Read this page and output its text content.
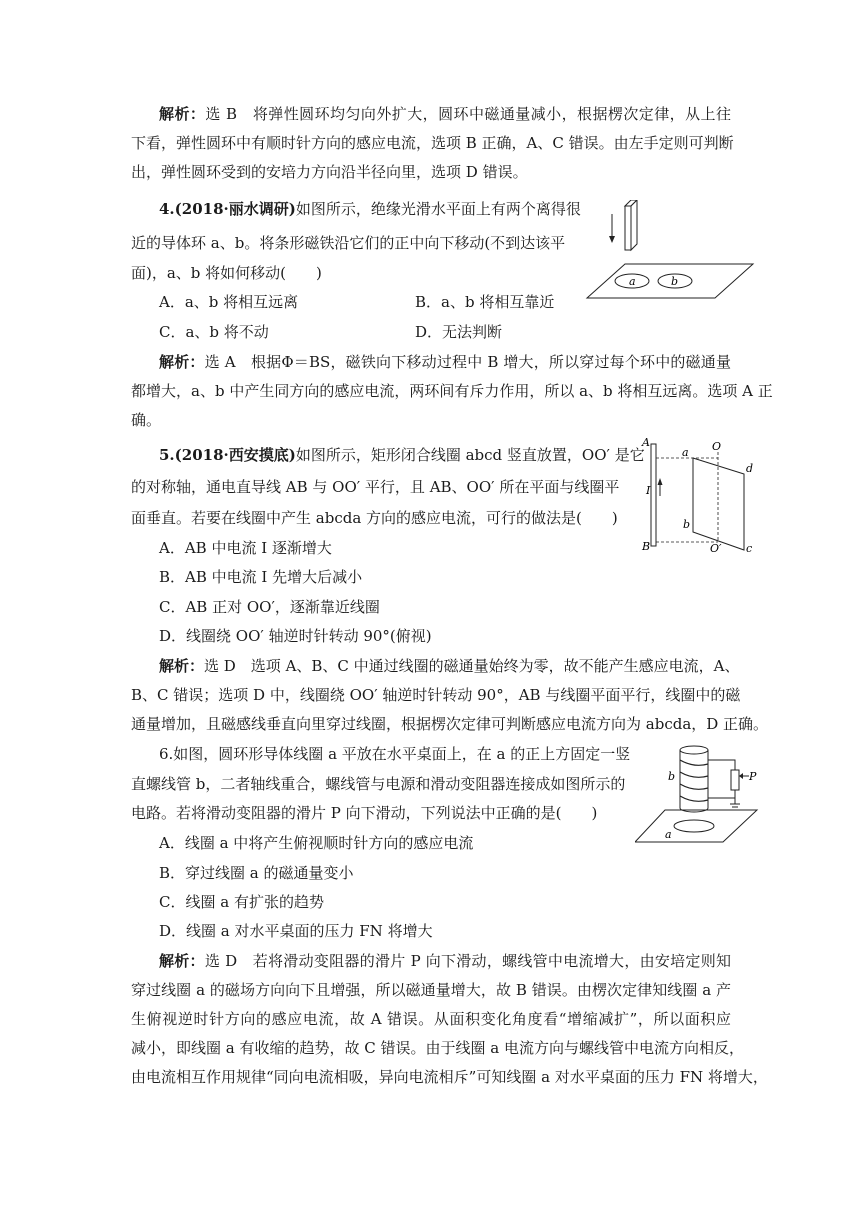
解析：选 B　将弹性圆环均匀向外扩大，圆环中磁通量减小，根据楞次定律，从上往
下看，弹性圆环中有顺时针方向的感应电流，选项 B 正确，A、C 错误。由左手定则可判断
出，弹性圆环受到的安培力方向沿半径向里，选项 D 错误。
4.(2018·丽水调研)如图所示，绝缘光滑水平面上有两个离得很
近的导体环 a、b。将条形磁铁沿它们的正中向下移动(不到达该平
面)，a、b 将如何移动(　　)
A．a、b 将相互远离	B．a、b 将相互靠近
C．a、b 将不动	D．无法判断
解析：选 A　根据Φ＝BS，磁铁向下移动过程中 B 增大，所以穿过每个环中的磁通量
都增大，a、b 中产生同方向的感应电流，两环间有斥力作用，所以 a、b 将相互远离。选项 A 正
确。
a	b
5.(2018·西安摸底)如图所示，矩形闭合线圈 abcd 竖直放置，OO′ 是它
的对称轴，通电直导线 AB 与 OO′ 平行，且 AB、OO′ 所在平面与线圈平
面垂直。若要在线圈中产生 abcda 方向的感应电流，可行的做法是(　　)
A．AB 中电流 I 逐渐增大
B．AB 中电流 I 先增大后减小
C．AB 正对 OO′，逐渐靠近线圈
D．线圈绕 OO′ 轴逆时针转动 90°(俯视)
解析：选 D　选项 A、B、C 中通过线圈的磁通量始终为零，故不能产生感应电流，A、
B、C 错误；选项 D 中，线圈绕 OO′ 轴逆时针转动 90°，AB 与线圈平面平行，线圈中的磁
通量增加，且磁感线垂直向里穿过线圈，根据楞次定律可判断感应电流方向为 abcda，D 正确。
A
B
I
a
b
c
d
O
O′
6.如图，圆环形导体线圈 a 平放在水平桌面上，在 a 的正上方固定一竖
直螺线管 b，二者轴线重合，螺线管与电源和滑动变阻器连接成如图所示的
电路。若将滑动变阻器的滑片 P 向下滑动，下列说法中正确的是(　　)
A．线圈 a 中将产生俯视顺时针方向的感应电流
B．穿过线圈 a 的磁通量变小
C．线圈 a 有扩张的趋势
D．线圈 a 对水平桌面的压力 FN 将增大
解析：选 D　若将滑动变阻器的滑片 P 向下滑动，螺线管中电流增大，由安培定则知
穿过线圈 a 的磁场方向向下且增强，所以磁通量增大，故 B 错误。由楞次定律知线圈 a 产
生俯视逆时针方向的感应电流，故 A 错误。从面积变化角度看“增缩减扩”，所以面积应
减小，即线圈 a 有收缩的趋势，故 C 错误。由于线圈 a 电流方向与螺线管中电流方向相反，
由电流相互作用规律“同向电流相吸，异向电流相斥”可知线圈 a 对水平桌面的压力 FN 将增大，
a
b	P
